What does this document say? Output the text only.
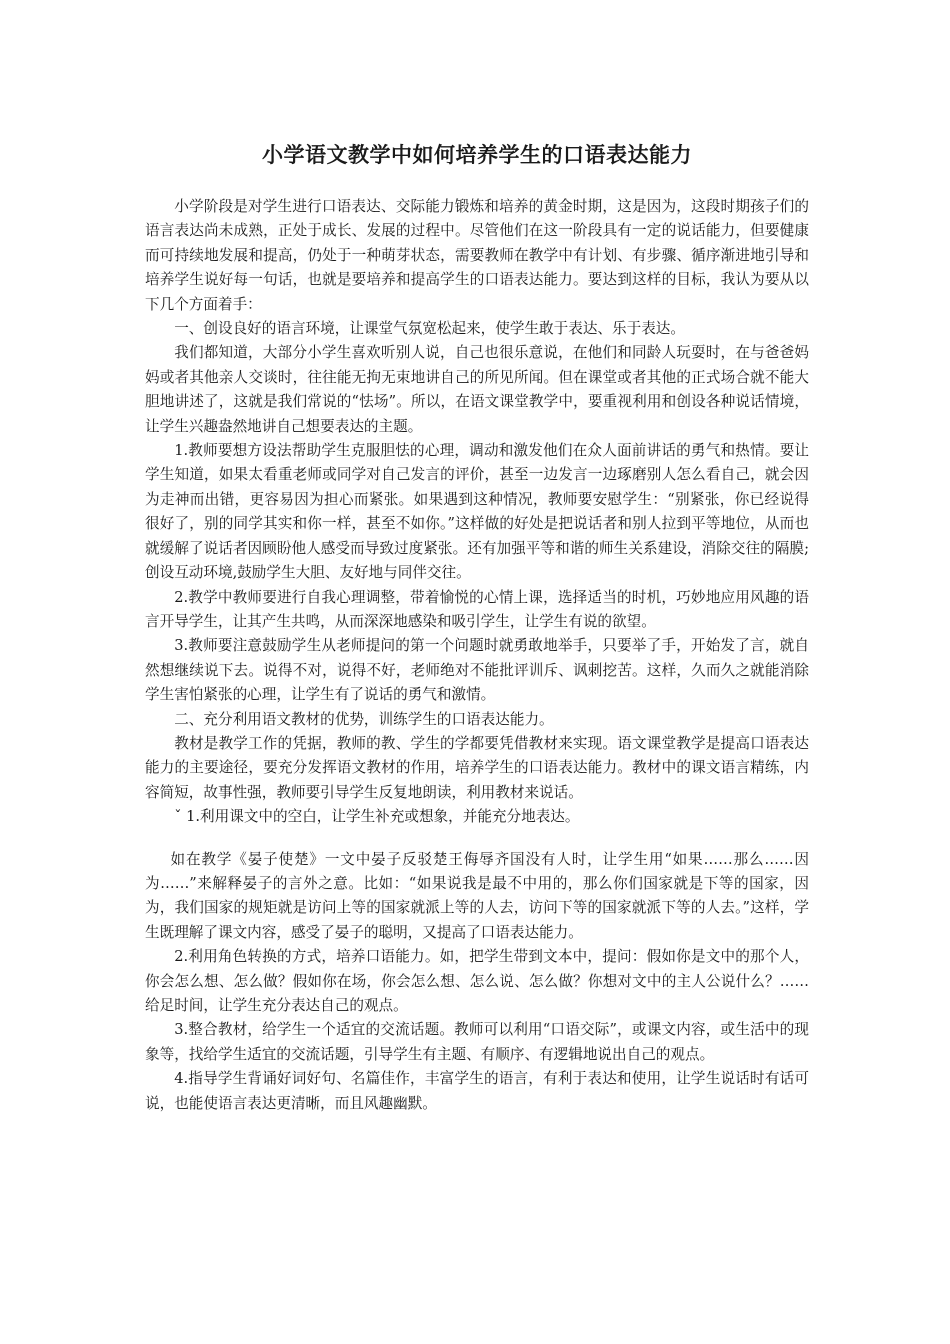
小学语文教学中如何培养学生的口语表达能力

小学阶段是对学生进行口语表达、交际能力锻炼和培养的黄金时期，这是因为，这段时期孩子们的语言表达尚未成熟，正处于成长、发展的过程中。尽管他们在这一阶段具有一定的说话能力，但要健康而可持续地发展和提高，仍处于一种萌芽状态，需要教师在教学中有计划、有步骤、循序渐进地引导和培养学生说好每一句话，也就是要培养和提高学生的口语表达能力。要达到这样的目标，我认为要从以下几个方面着手：

一、创设良好的语言环境，让课堂气氛宽松起来，使学生敢于表达、乐于表达。

我们都知道，大部分小学生喜欢听别人说，自己也很乐意说，在他们和同龄人玩耍时，在与爸爸妈妈或者其他亲人交谈时，往往能无拘无束地讲自己的所见所闻。但在课堂或者其他的正式场合就不能大胆地讲述了，这就是我们常说的“怯场”。所以，在语文课堂教学中，要重视利用和创设各种说话情境，让学生兴趣盎然地讲自己想要表达的主题。

1.教师要想方设法帮助学生克服胆怯的心理，调动和激发他们在众人面前讲话的勇气和热情。要让学生知道，如果太看重老师或同学对自己发言的评价，甚至一边发言一边琢磨别人怎么看自己，就会因为走神而出错，更容易因为担心而紧张。如果遇到这种情况，教师要安慰学生：“别紧张，你已经说得很好了，别的同学其实和你一样，甚至不如你。”这样做的好处是把说话者和别人拉到平等地位，从而也就缓解了说话者因顾盼他人感受而导致过度紧张。还有加强平等和谐的师生关系建设，消除交往的隔膜;创设互动环境,鼓励学生大胆、友好地与同伴交往。

2.教学中教师要进行自我心理调整，带着愉悦的心情上课，选择适当的时机，巧妙地应用风趣的语言开导学生，让其产生共鸣，从而深深地感染和吸引学生，让学生有说的欲望。

3.教师要注意鼓励学生从老师提问的第一个问题时就勇敢地举手，只要举了手，开始发了言，就自然想继续说下去。说得不对，说得不好，老师绝对不能批评训斥、讽刺挖苦。这样，久而久之就能消除学生害怕紧张的心理，让学生有了说话的勇气和激情。

二、充分利用语文教材的优势，训练学生的口语表达能力。

教材是教学工作的凭据，教师的教、学生的学都要凭借教材来实现。语文课堂教学是提高口语表达能力的主要途径，要充分发挥语文教材的作用，培养学生的口语表达能力。教材中的课文语言精练，内容简短，故事性强，教师要引导学生反复地朗读，利用教材来说话。

ˇ 1.利用课文中的空白，让学生补充或想象，并能充分地表达。

如在教学《晏子使楚》一文中晏子反驳楚王侮辱齐国没有人时，让学生用“如果……那么……因为……”来解释晏子的言外之意。比如：“如果说我是最不中用的，那么你们国家就是下等的国家，因为，我们国家的规矩就是访问上等的国家就派上等的人去，访问下等的国家就派下等的人去。”这样，学生既理解了课文内容，感受了晏子的聪明，又提高了口语表达能力。

2.利用角色转换的方式，培养口语能力。如，把学生带到文本中，提问：假如你是文中的那个人，你会怎么想、怎么做？假如你在场，你会怎么想、怎么说、怎么做？你想对文中的主人公说什么？……给足时间，让学生充分表达自己的观点。

3.整合教材，给学生一个适宜的交流话题。教师可以利用“口语交际”，或课文内容，或生活中的现象等，找给学生适宜的交流话题，引导学生有主题、有顺序、有逻辑地说出自己的观点。

4.指导学生背诵好词好句、名篇佳作，丰富学生的语言，有利于表达和使用，让学生说话时有话可说，也能使语言表达更清晰，而且风趣幽默。
